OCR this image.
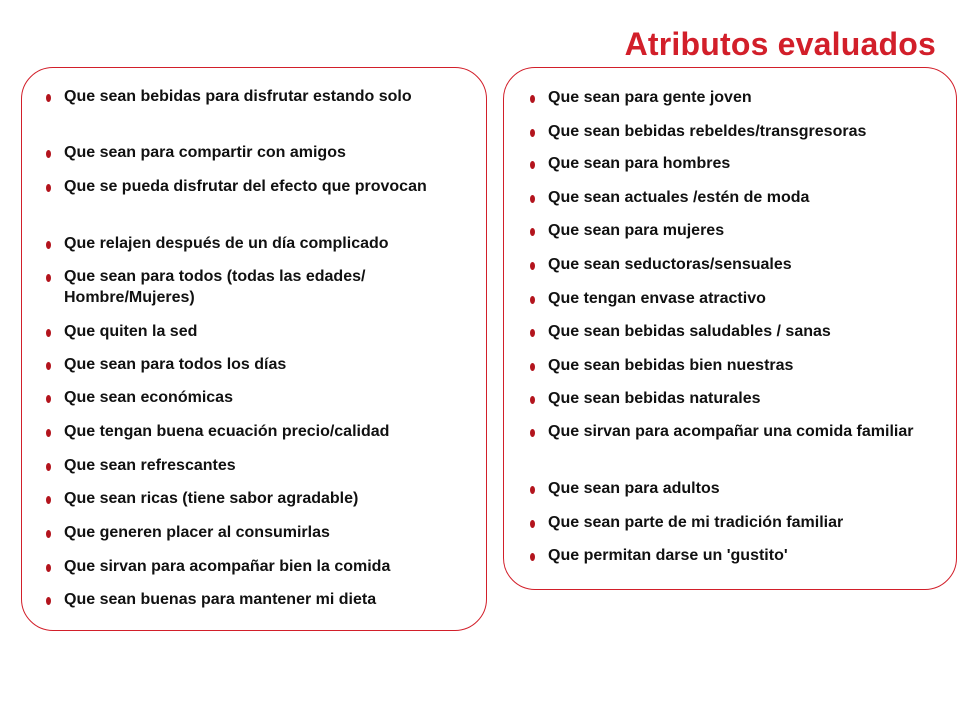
Atributos evaluados
Que sean bebidas para disfrutar estando solo
Que sean para compartir con amigos
Que se pueda disfrutar del efecto que provocan
Que relajen después de un día complicado
Que sean para todos (todas las edades/ Hombre/Mujeres)
Que quiten la sed
Que sean para todos los días
Que sean económicas
Que tengan buena ecuación precio/calidad
Que sean refrescantes
Que sean ricas (tiene sabor agradable)
Que generen placer al consumirlas
Que sirvan para acompañar bien la comida
Que sean buenas para mantener mi dieta
Que sean para gente joven
Que sean bebidas rebeldes/transgresoras
Que sean para hombres
Que sean actuales /estén de moda
Que sean para mujeres
Que sean seductoras/sensuales
Que tengan envase atractivo
Que sean bebidas saludables / sanas
Que sean bebidas bien nuestras
Que sean bebidas naturales
Que sirvan para acompañar una comida familiar
Que sean para adultos
Que sean parte de mi tradición familiar
Que permitan darse un 'gustito'
